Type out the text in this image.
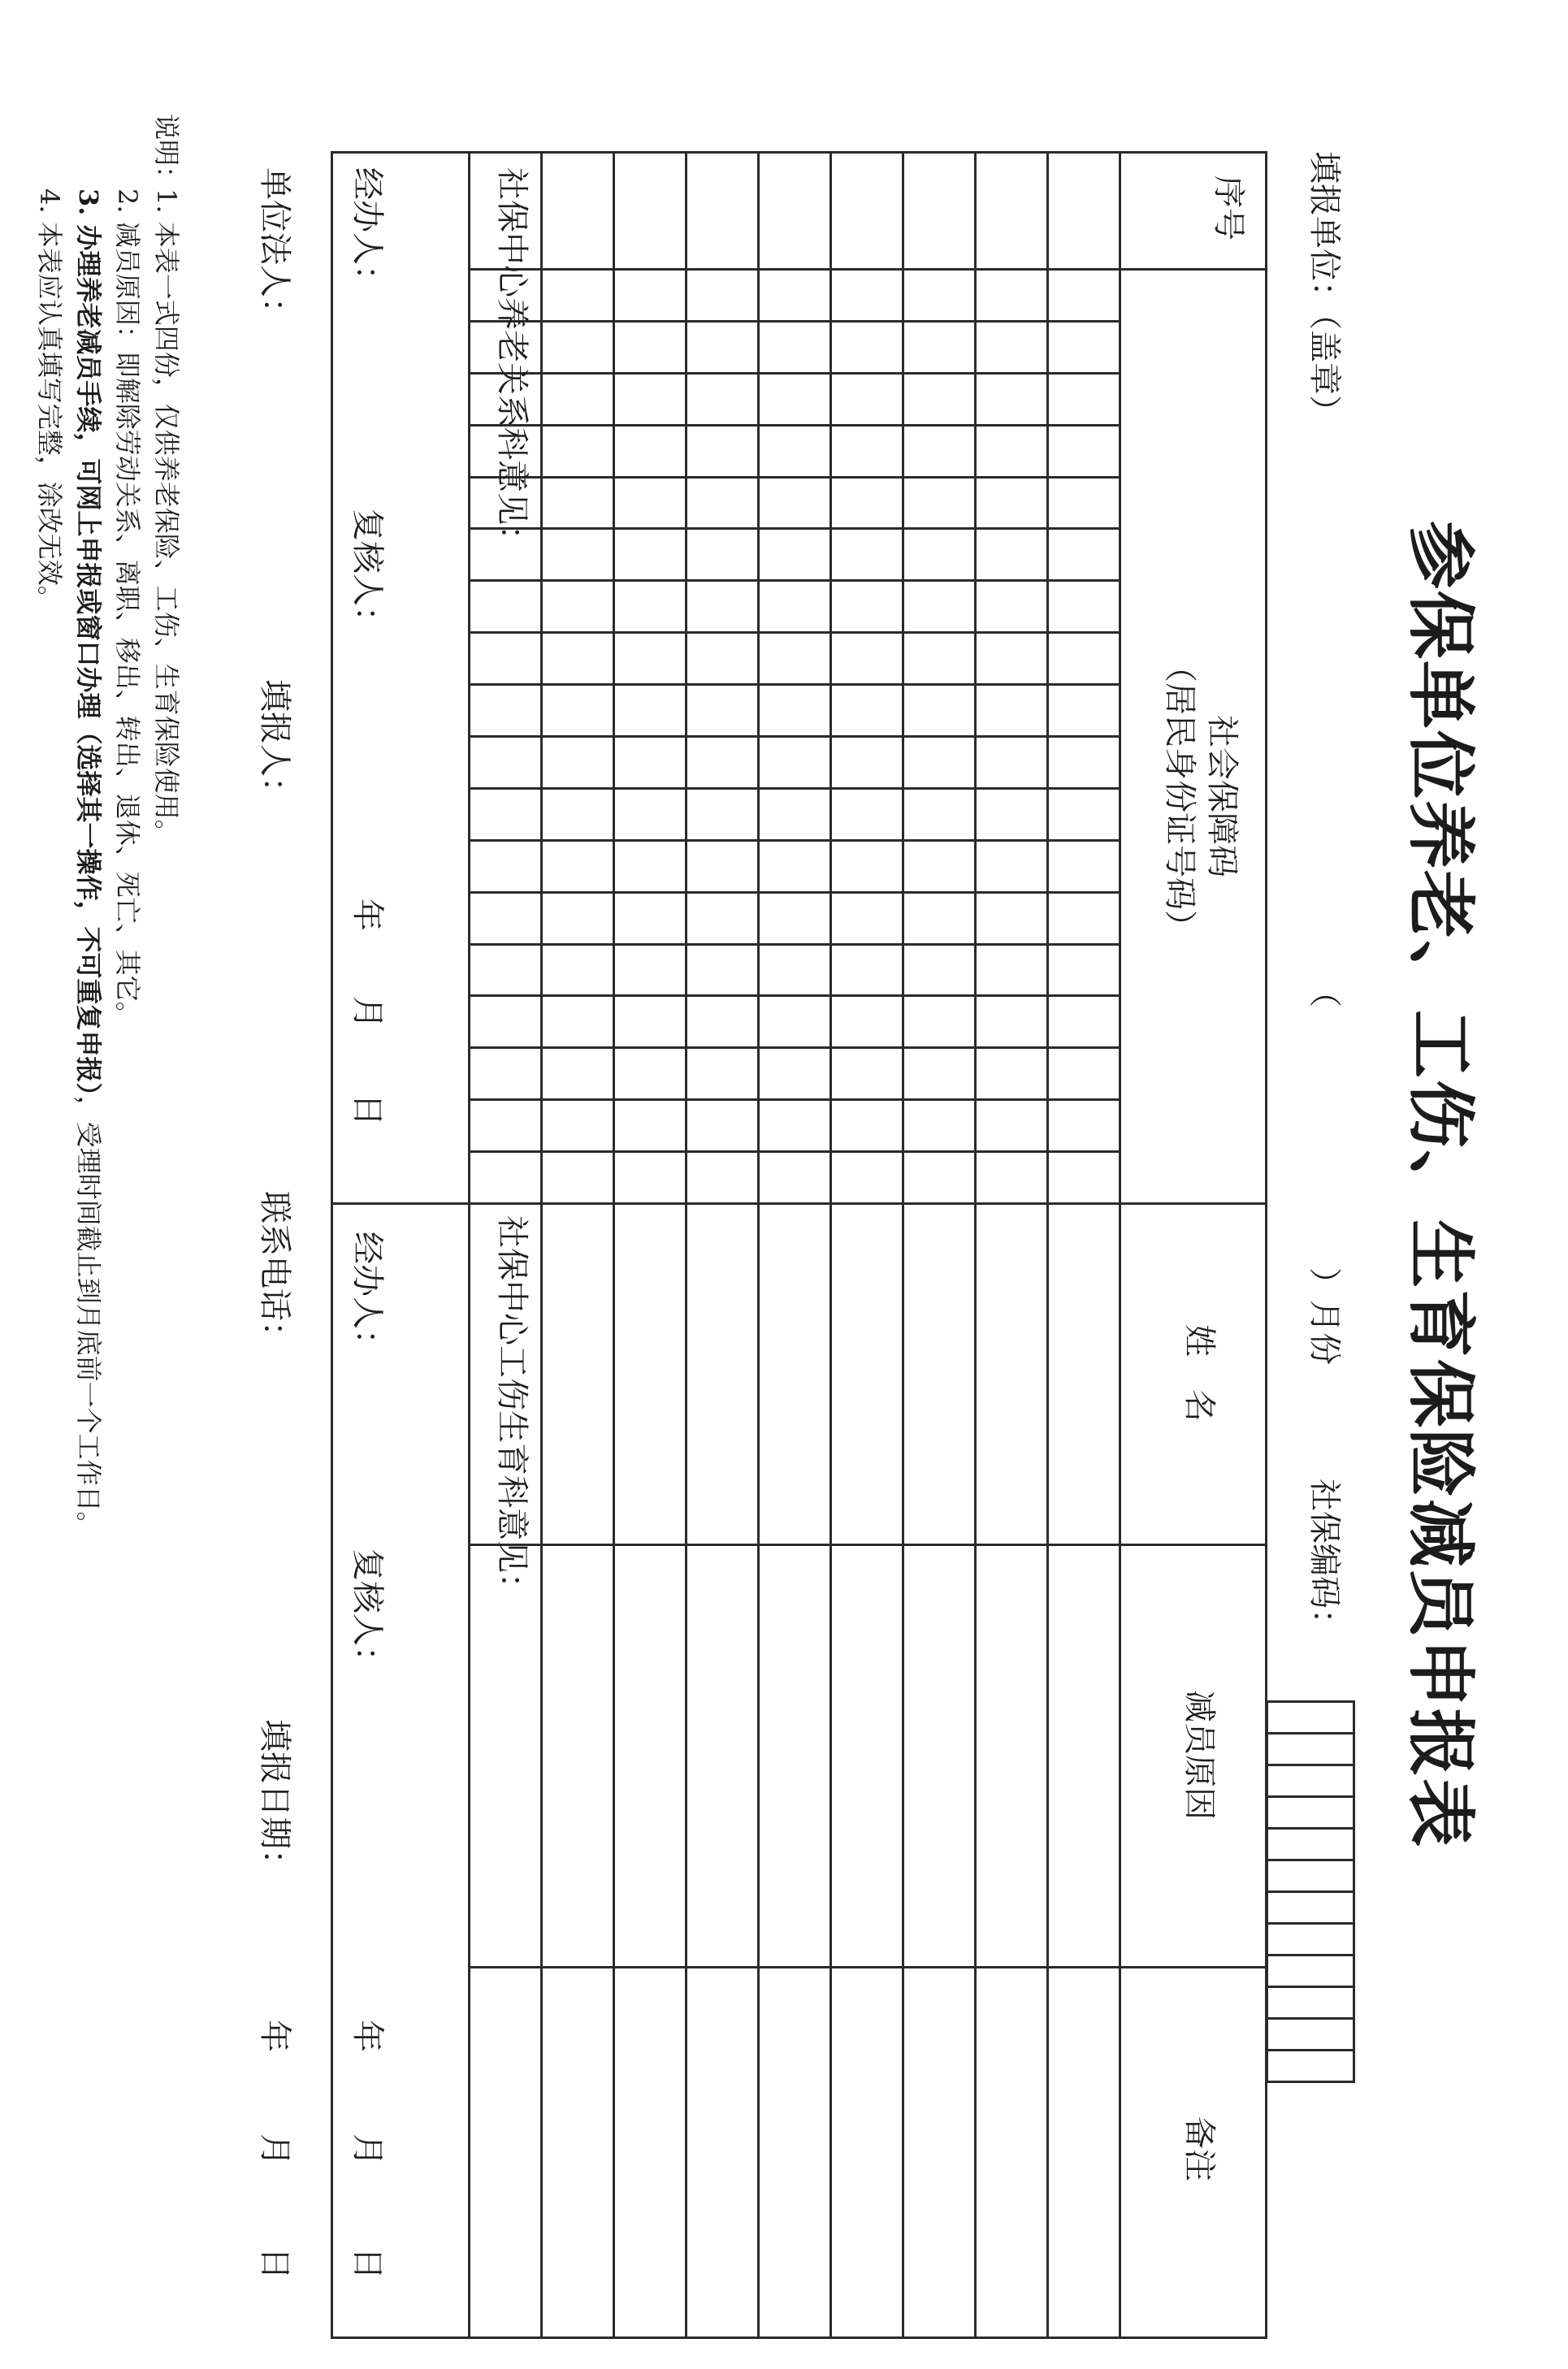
参保单位养老、工伤、生育保险减员申报表
填报单位：（盖章）
（
）月份
社保编码：
序号
社会保障码
（居民身份证号码）
姓　名
减员原因
备注
社保中心养老关系科意见：
社保中心工伤生育科意见：
经办人：
复核人：
年
月
日
经办人：
复核人：
年
月
日
单位法人：
填报人：
联系电话：
填报日期：
年
月
日
说明：
1. 本表一式四份，仅供养老保险、工伤、生育保险使用。
2. 减员原因：即解除劳动关系、离职、移出、转出、退休、死亡、其它。
3. 办理养老减员手续，可网上申报或窗口办理（选择其一操作，不可重复申报），受理时间截止到月底前一个工作日。
4. 本表应认真填写完整，涂改无效。
